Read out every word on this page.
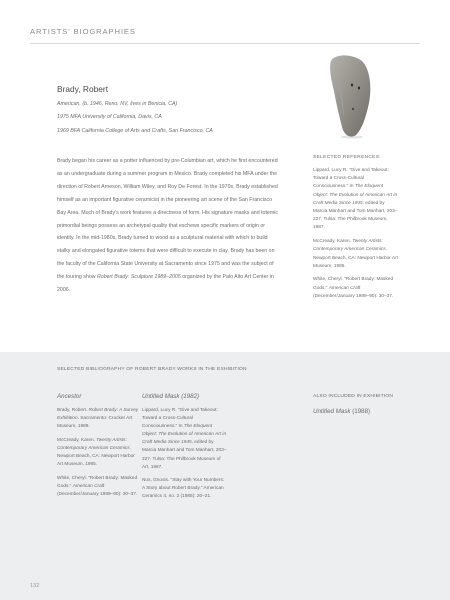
ARTISTS' BIOGRAPHIES
Brady, Robert
American, (b. 1946, Reno, NV, lives in Benicia, CA)
1975 MFA University of California, Davis, CA
1969 BFA California College of Arts and Crafts, San Francisco, CA
Brady began his career as a potter influenced by pre-Columbian art, which he first encountered as an undergraduate during a summer program in Mexico. Brady completed his MFA under the direction of Robert Arneson, William Wiley, and Roy De Forest. In the 1970s, Brady established himself as an important figurative ceramicist in the pioneering art scene of the San Francisco Bay Area. Much of Brady's work features a directness of form. His signature masks and totemic primordial beings possess an archetypal quality that eschews specific markers of origin or identity. In the mid-1980s, Brady turned to wood as a sculptural material with which to build stalky and elongated figurative totems that were difficult to execute in clay. Brady has been on the faculty of the California State University at Sacramento since 1975 and was the subject of the touring show Robert Brady: Sculpture 1989–2005 organized by the Palo Alto Art Center in 2006.
SELECTED REFERENCES:
Lippard, Lucy R. "Give and Takeout: Toward a Cross-Cultural Consciousness." In The Eloquent Object: The Evolution of American Art in Craft Media Since 1945, edited by Marcia Manhart and Tom Manhart, 203–227. Tulsa: The Philbrook Museum, 1987.
McCready, Karen. Twenty Artists: Contemporary American Ceramics. Newport Beach, CA: Newport Harbor Art Museum, 1985.
White, Cheryl. "Robert Brady: Masked Gods." American Craft (December/January 1989–90): 30–37.
SELECTED BIBLIOGRAPHY OF ROBERT BRADY WORKS IN THE EXHIBITION
Ancestor
Brady, Robert. Robert Brady: A Survey Exhibition. Sacramento: Crocker Art Museum, 1989.
McCready, Karen. Twenty Artists: Contemporary American Ceramics. Newport Beach, CA: Newport Harbor Art Museum, 1985.
White, Cheryl. "Robert Brady: Masked Gods." American Craft (December/January 1989–90): 30–37.
Untitled Mask (1982)
Lippard, Lucy R. "Give and Takeout: Toward a Cross-Cultural Consciousness." In The Eloquent Object: The Evolution of American Art in Craft Media Since 1945, edited by Marcia Manhart and Tom Manhart, 203–227. Tulsa: The Philbrook Museum of Art, 1987.
Nos, Gnosis. "Stay with Your Numbers: A Story about Robert Brady." American Ceramics 4, no. 2 (1985): 20–21.
ALSO INCLUDED IN EXHIBITION
Untitled Mask (1988)
132
